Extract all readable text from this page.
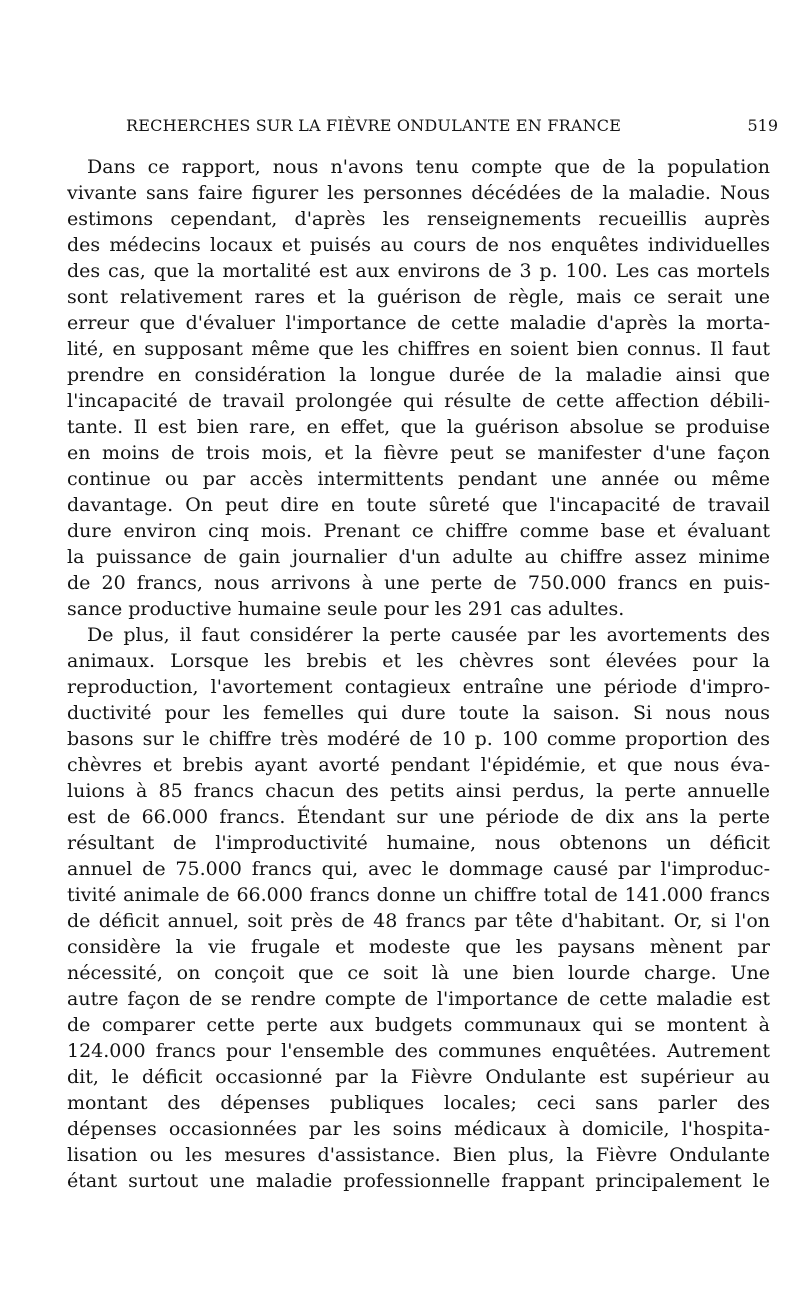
RECHERCHES SUR LA FIÈVRE ONDULANTE EN FRANCE	519
Dans ce rapport, nous n'avons tenu compte que de la population
vivante sans faire figurer les personnes décédées de la maladie. Nous
estimons cependant, d'après les renseignements recueillis auprès
des médecins locaux et puisés au cours de nos enquêtes individuelles
des cas, que la mortalité est aux environs de 3 p. 100. Les cas mortels
sont relativement rares et la guérison de règle, mais ce serait une
erreur que d'évaluer l'importance de cette maladie d'après la morta-
lité, en supposant même que les chiffres en soient bien connus. Il faut
prendre en considération la longue durée de la maladie ainsi que
l'incapacité de travail prolongée qui résulte de cette affection débili-
tante. Il est bien rare, en effet, que la guérison absolue se produise
en moins de trois mois, et la fièvre peut se manifester d'une façon
continue ou par accès intermittents pendant une année ou même
davantage. On peut dire en toute sûreté que l'incapacité de travail
dure environ cinq mois. Prenant ce chiffre comme base et évaluant
la puissance de gain journalier d'un adulte au chiffre assez minime
de 20 francs, nous arrivons à une perte de 750.000 francs en puis-
sance productive humaine seule pour les 291 cas adultes.
De plus, il faut considérer la perte causée par les avortements des
animaux. Lorsque les brebis et les chèvres sont élevées pour la
reproduction, l'avortement contagieux entraîne une période d'impro-
ductivité pour les femelles qui dure toute la saison. Si nous nous
basons sur le chiffre très modéré de 10 p. 100 comme proportion des
chèvres et brebis ayant avorté pendant l'épidémie, et que nous éva-
luions à 85 francs chacun des petits ainsi perdus, la perte annuelle
est de 66.000 francs. Étendant sur une période de dix ans la perte
résultant de l'improductivité humaine, nous obtenons un déficit
annuel de 75.000 francs qui, avec le dommage causé par l'improduc-
tivité animale de 66.000 francs donne un chiffre total de 141.000 francs
de déficit annuel, soit près de 48 francs par tête d'habitant. Or, si l'on
considère la vie frugale et modeste que les paysans mènent par
nécessité, on conçoit que ce soit là une bien lourde charge. Une
autre façon de se rendre compte de l'importance de cette maladie est
de comparer cette perte aux budgets communaux qui se montent à
124.000 francs pour l'ensemble des communes enquêtées. Autrement
dit, le déficit occasionné par la Fièvre Ondulante est supérieur au
montant des dépenses publiques locales; ceci sans parler des
dépenses occasionnées par les soins médicaux à domicile, l'hospita-
lisation ou les mesures d'assistance. Bien plus, la Fièvre Ondulante
étant surtout une maladie professionnelle frappant principalement le
